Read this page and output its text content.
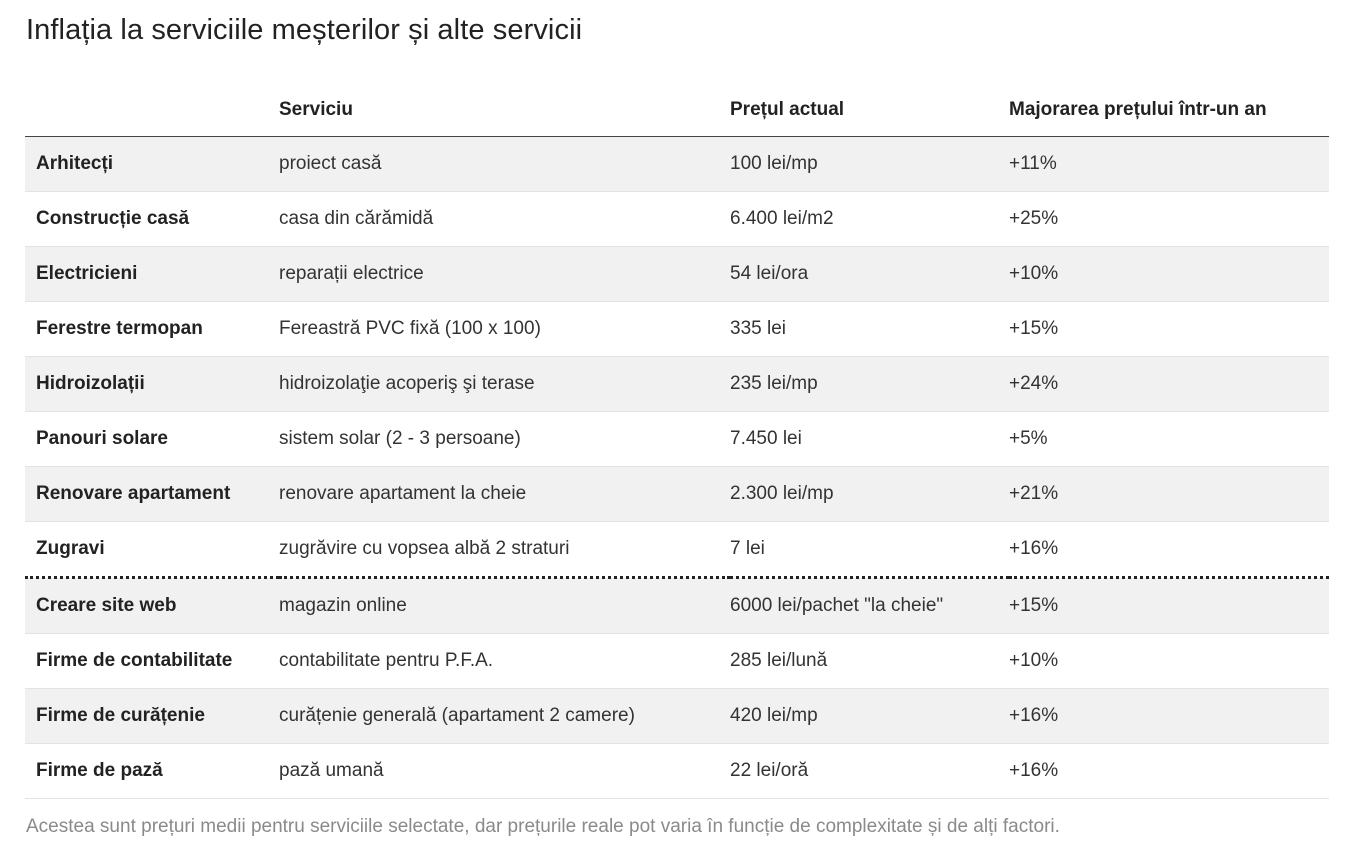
Inflația la serviciile meșterilor și alte servicii
	Serviciu	Prețul actual	Majorarea prețului într-un an
Arhitecți	proiect casă	100 lei/mp	+11%
Construcție casă	casa din cărămidă	6.400 lei/m2	+25%
Electricieni	reparații electrice	54 lei/ora	+10%
Ferestre termopan	Fereastră PVC fixă (100 x 100)	335 lei	+15%
Hidroizolații	hidroizolaţie acoperiş şi terase	235 lei/mp	+24%
Panouri solare	sistem solar (2 - 3 persoane)	7.450 lei	+5%
Renovare apartament	renovare apartament la cheie	2.300 lei/mp	+21%
Zugravi	zugrăvire cu vopsea albă 2 straturi	7 lei	+16%
Creare site web	magazin online	6000 lei/pachet "la cheie"	+15%
Firme de contabilitate	contabilitate pentru P.F.A.	285 lei/lună	+10%
Firme de curățenie	curățenie generală (apartament 2 camere)	420 lei/mp	+16%
Firme de pază	pază umană	22 lei/oră	+16%

Acestea sunt prețuri medii pentru serviciile selectate, dar prețurile reale pot varia în funcție de complexitate și de alți factori.
